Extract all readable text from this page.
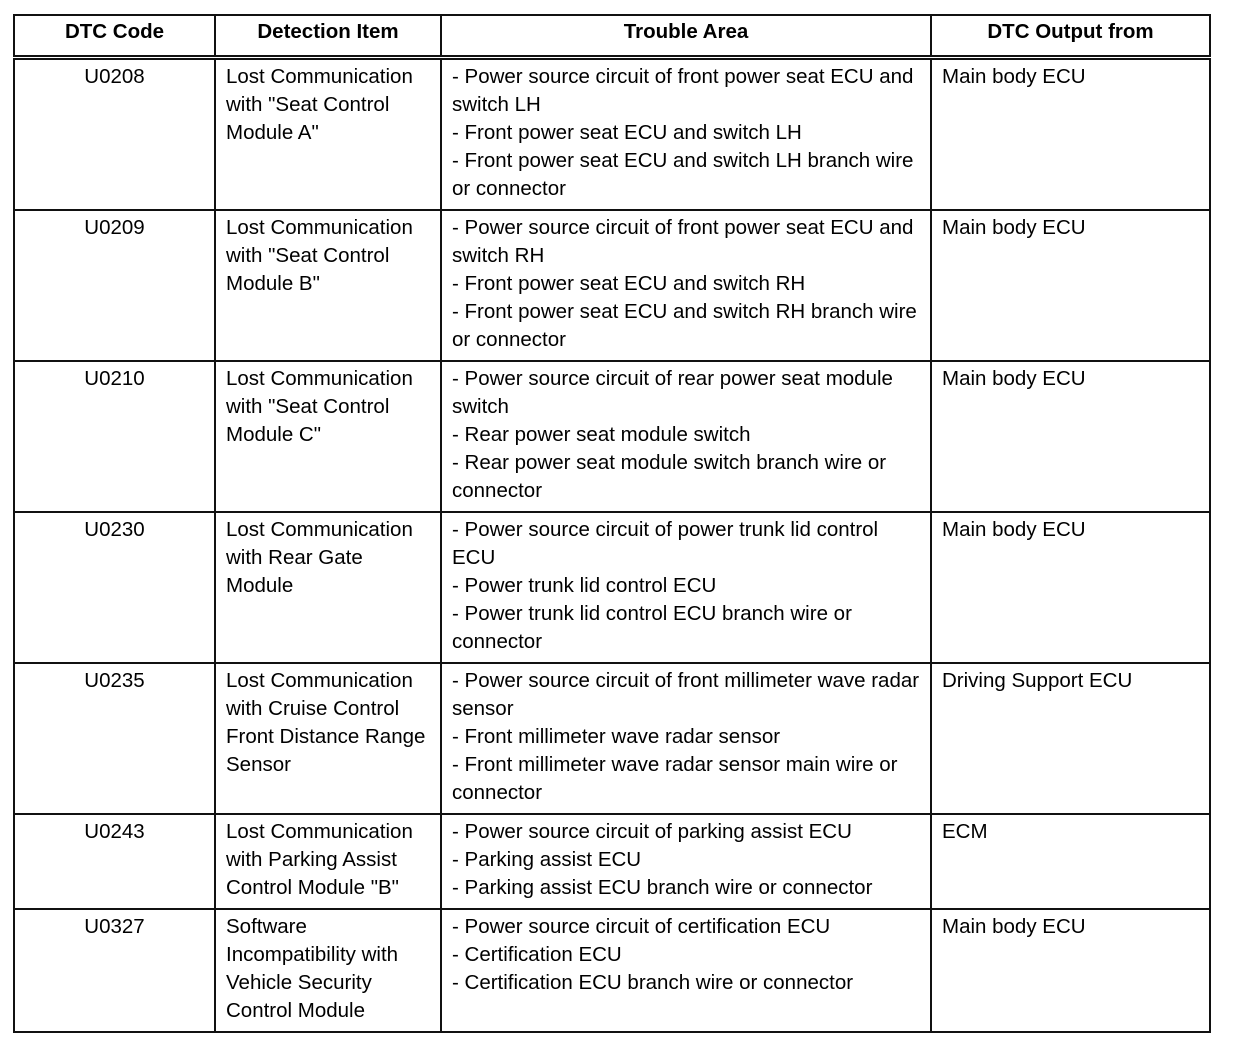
DTC Code	Detection Item	Trouble Area	DTC Output from
U0208	Lost Communication with "Seat Control Module A"	- Power source circuit of front power seat ECU and switch LH
- Front power seat ECU and switch LH
- Front power seat ECU and switch LH branch wire or connector	Main body ECU
U0209	Lost Communication with "Seat Control Module B"	- Power source circuit of front power seat ECU and switch RH
- Front power seat ECU and switch RH
- Front power seat ECU and switch RH branch wire or connector	Main body ECU
U0210	Lost Communication with "Seat Control Module C"	- Power source circuit of rear power seat module switch
- Rear power seat module switch
- Rear power seat module switch branch wire or connector	Main body ECU
U0230	Lost Communication with Rear Gate Module	- Power source circuit of power trunk lid control ECU
- Power trunk lid control ECU
- Power trunk lid control ECU branch wire or connector	Main body ECU
U0235	Lost Communication with Cruise Control Front Distance Range Sensor	- Power source circuit of front millimeter wave radar sensor
- Front millimeter wave radar sensor
- Front millimeter wave radar sensor main wire or connector	Driving Support ECU
U0243	Lost Communication with Parking Assist Control Module "B"	- Power source circuit of parking assist ECU
- Parking assist ECU
- Parking assist ECU branch wire or connector	ECM
U0327	Software Incompatibility with Vehicle Security Control Module	- Power source circuit of certification ECU
- Certification ECU
- Certification ECU branch wire or connector	Main body ECU
